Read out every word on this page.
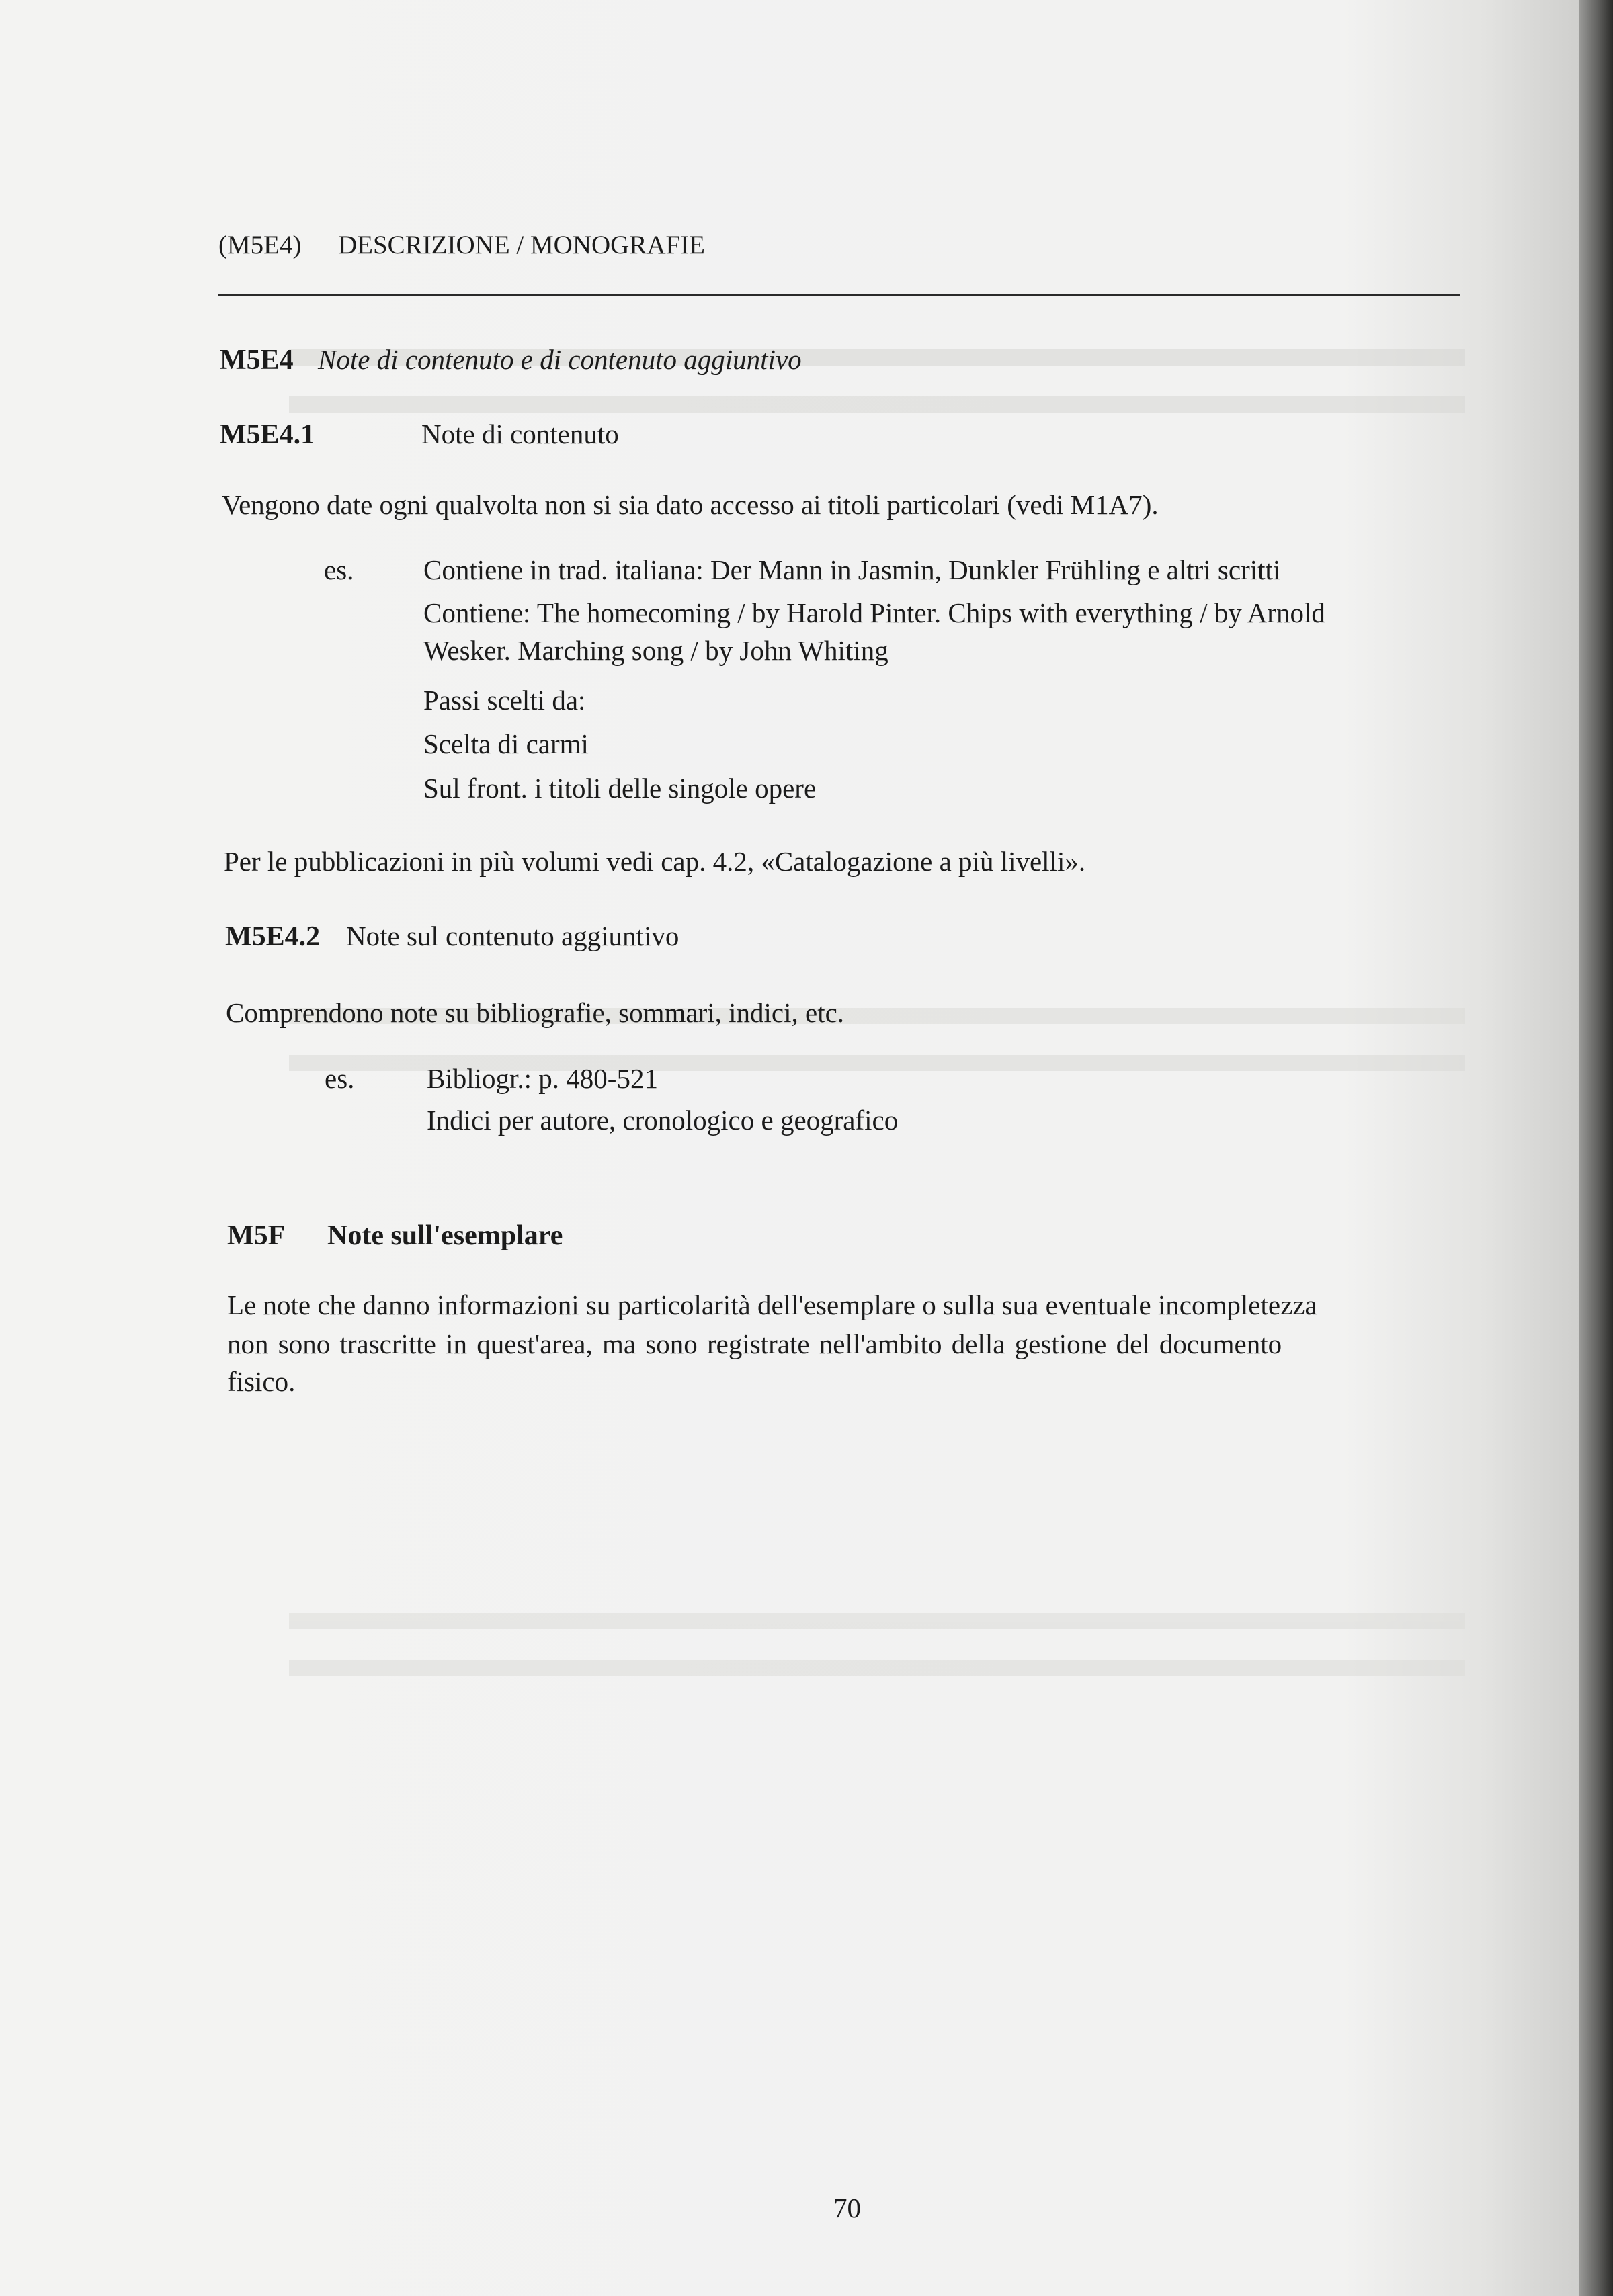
(M5E4) DESCRIZIONE / MONOGRAFIE
M5E4 Note di contenuto e di contenuto aggiuntivo
M5E4.1	Note di contenuto
Vengono date ogni qualvolta non si sia dato accesso ai titoli particolari (vedi M1A7).
es.	Contiene in trad. italiana: Der Mann in Jasmin, Dunkler Frühling e altri scritti
Contiene: The homecoming / by Harold Pinter. Chips with everything / by Arnold
Wesker. Marching song / by John Whiting
Passi scelti da:
Scelta di carmi
Sul front. i titoli delle singole opere
Per le pubblicazioni in più volumi vedi cap. 4.2, «Catalogazione a più livelli».
M5E4.2 Note sul contenuto aggiuntivo
Comprendono note su bibliografie, sommari, indici, etc.
es.	Bibliogr.: p. 480-521
Indici per autore, cronologico e geografico
M5F Note sull'esemplare
Le note che danno informazioni su particolarità dell'esemplare o sulla sua eventuale incompletezza
non sono trascritte in quest'area, ma sono registrate nell'ambito della gestione del documento
fisico.
70
